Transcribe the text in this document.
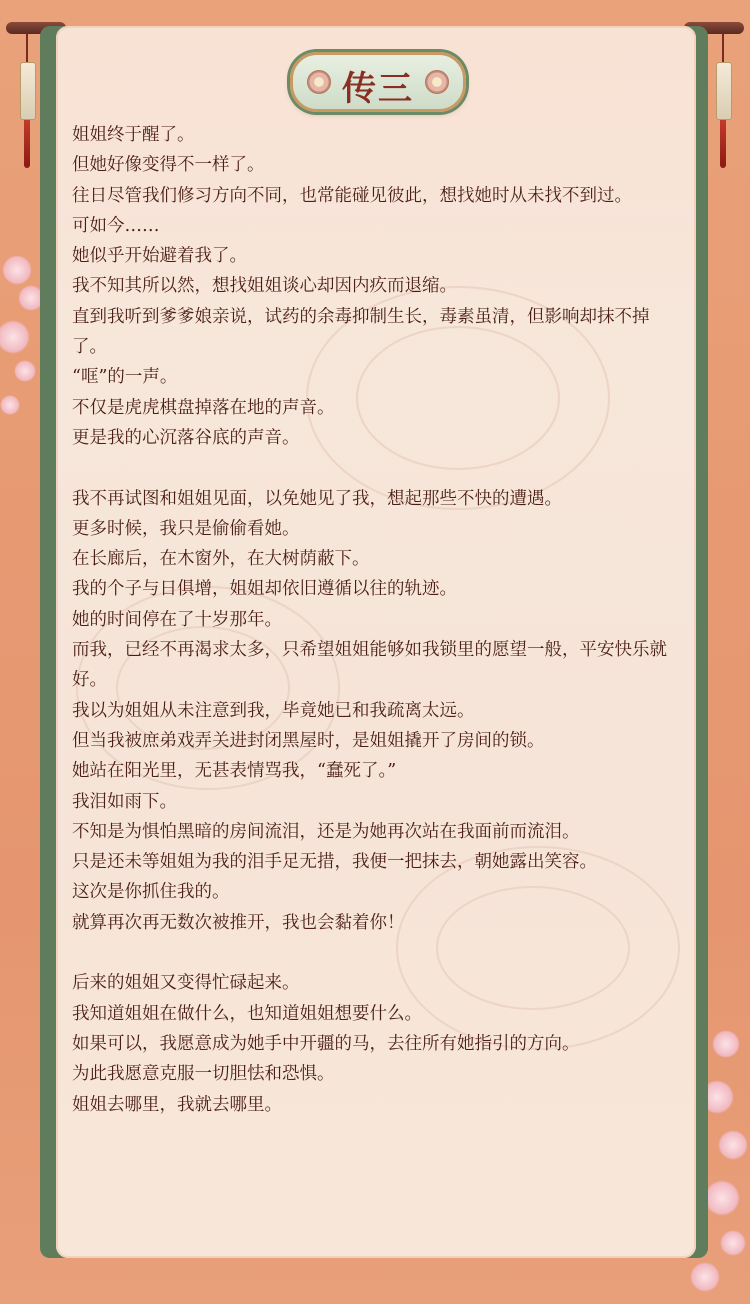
传三

姐姐终于醒了。

但她好像变得不一样了。

往日尽管我们修习方向不同，也常能碰见彼此，想找她时从未找不到过。

可如今……

她似乎开始避着我了。

我不知其所以然，想找姐姐谈心却因内疚而退缩。

直到我听到爹爹娘亲说，试药的余毒抑制生长，毒素虽清，但影响却抹不掉了。

“哐”的一声。

不仅是虎虎棋盘掉落在地的声音。

更是我的心沉落谷底的声音。

我不再试图和姐姐见面，以免她见了我，想起那些不快的遭遇。

更多时候，我只是偷偷看她。

在长廊后，在木窗外，在大树荫蔽下。

我的个子与日俱增，姐姐却依旧遵循以往的轨迹。

她的时间停在了十岁那年。

而我，已经不再渴求太多，只希望姐姐能够如我锁里的愿望一般，平安快乐就好。

我以为姐姐从未注意到我，毕竟她已和我疏离太远。

但当我被庶弟戏弄关进封闭黑屋时，是姐姐撬开了房间的锁。

她站在阳光里，无甚表情骂我，“蠢死了。”

我泪如雨下。

不知是为惧怕黑暗的房间流泪，还是为她再次站在我面前而流泪。

只是还未等姐姐为我的泪手足无措，我便一把抹去，朝她露出笑容。

这次是你抓住我的。

就算再次再无数次被推开，我也会黏着你！

后来的姐姐又变得忙碌起来。

我知道姐姐在做什么，也知道姐姐想要什么。

如果可以，我愿意成为她手中开疆的马，去往所有她指引的方向。

为此我愿意克服一切胆怯和恐惧。

姐姐去哪里，我就去哪里。
